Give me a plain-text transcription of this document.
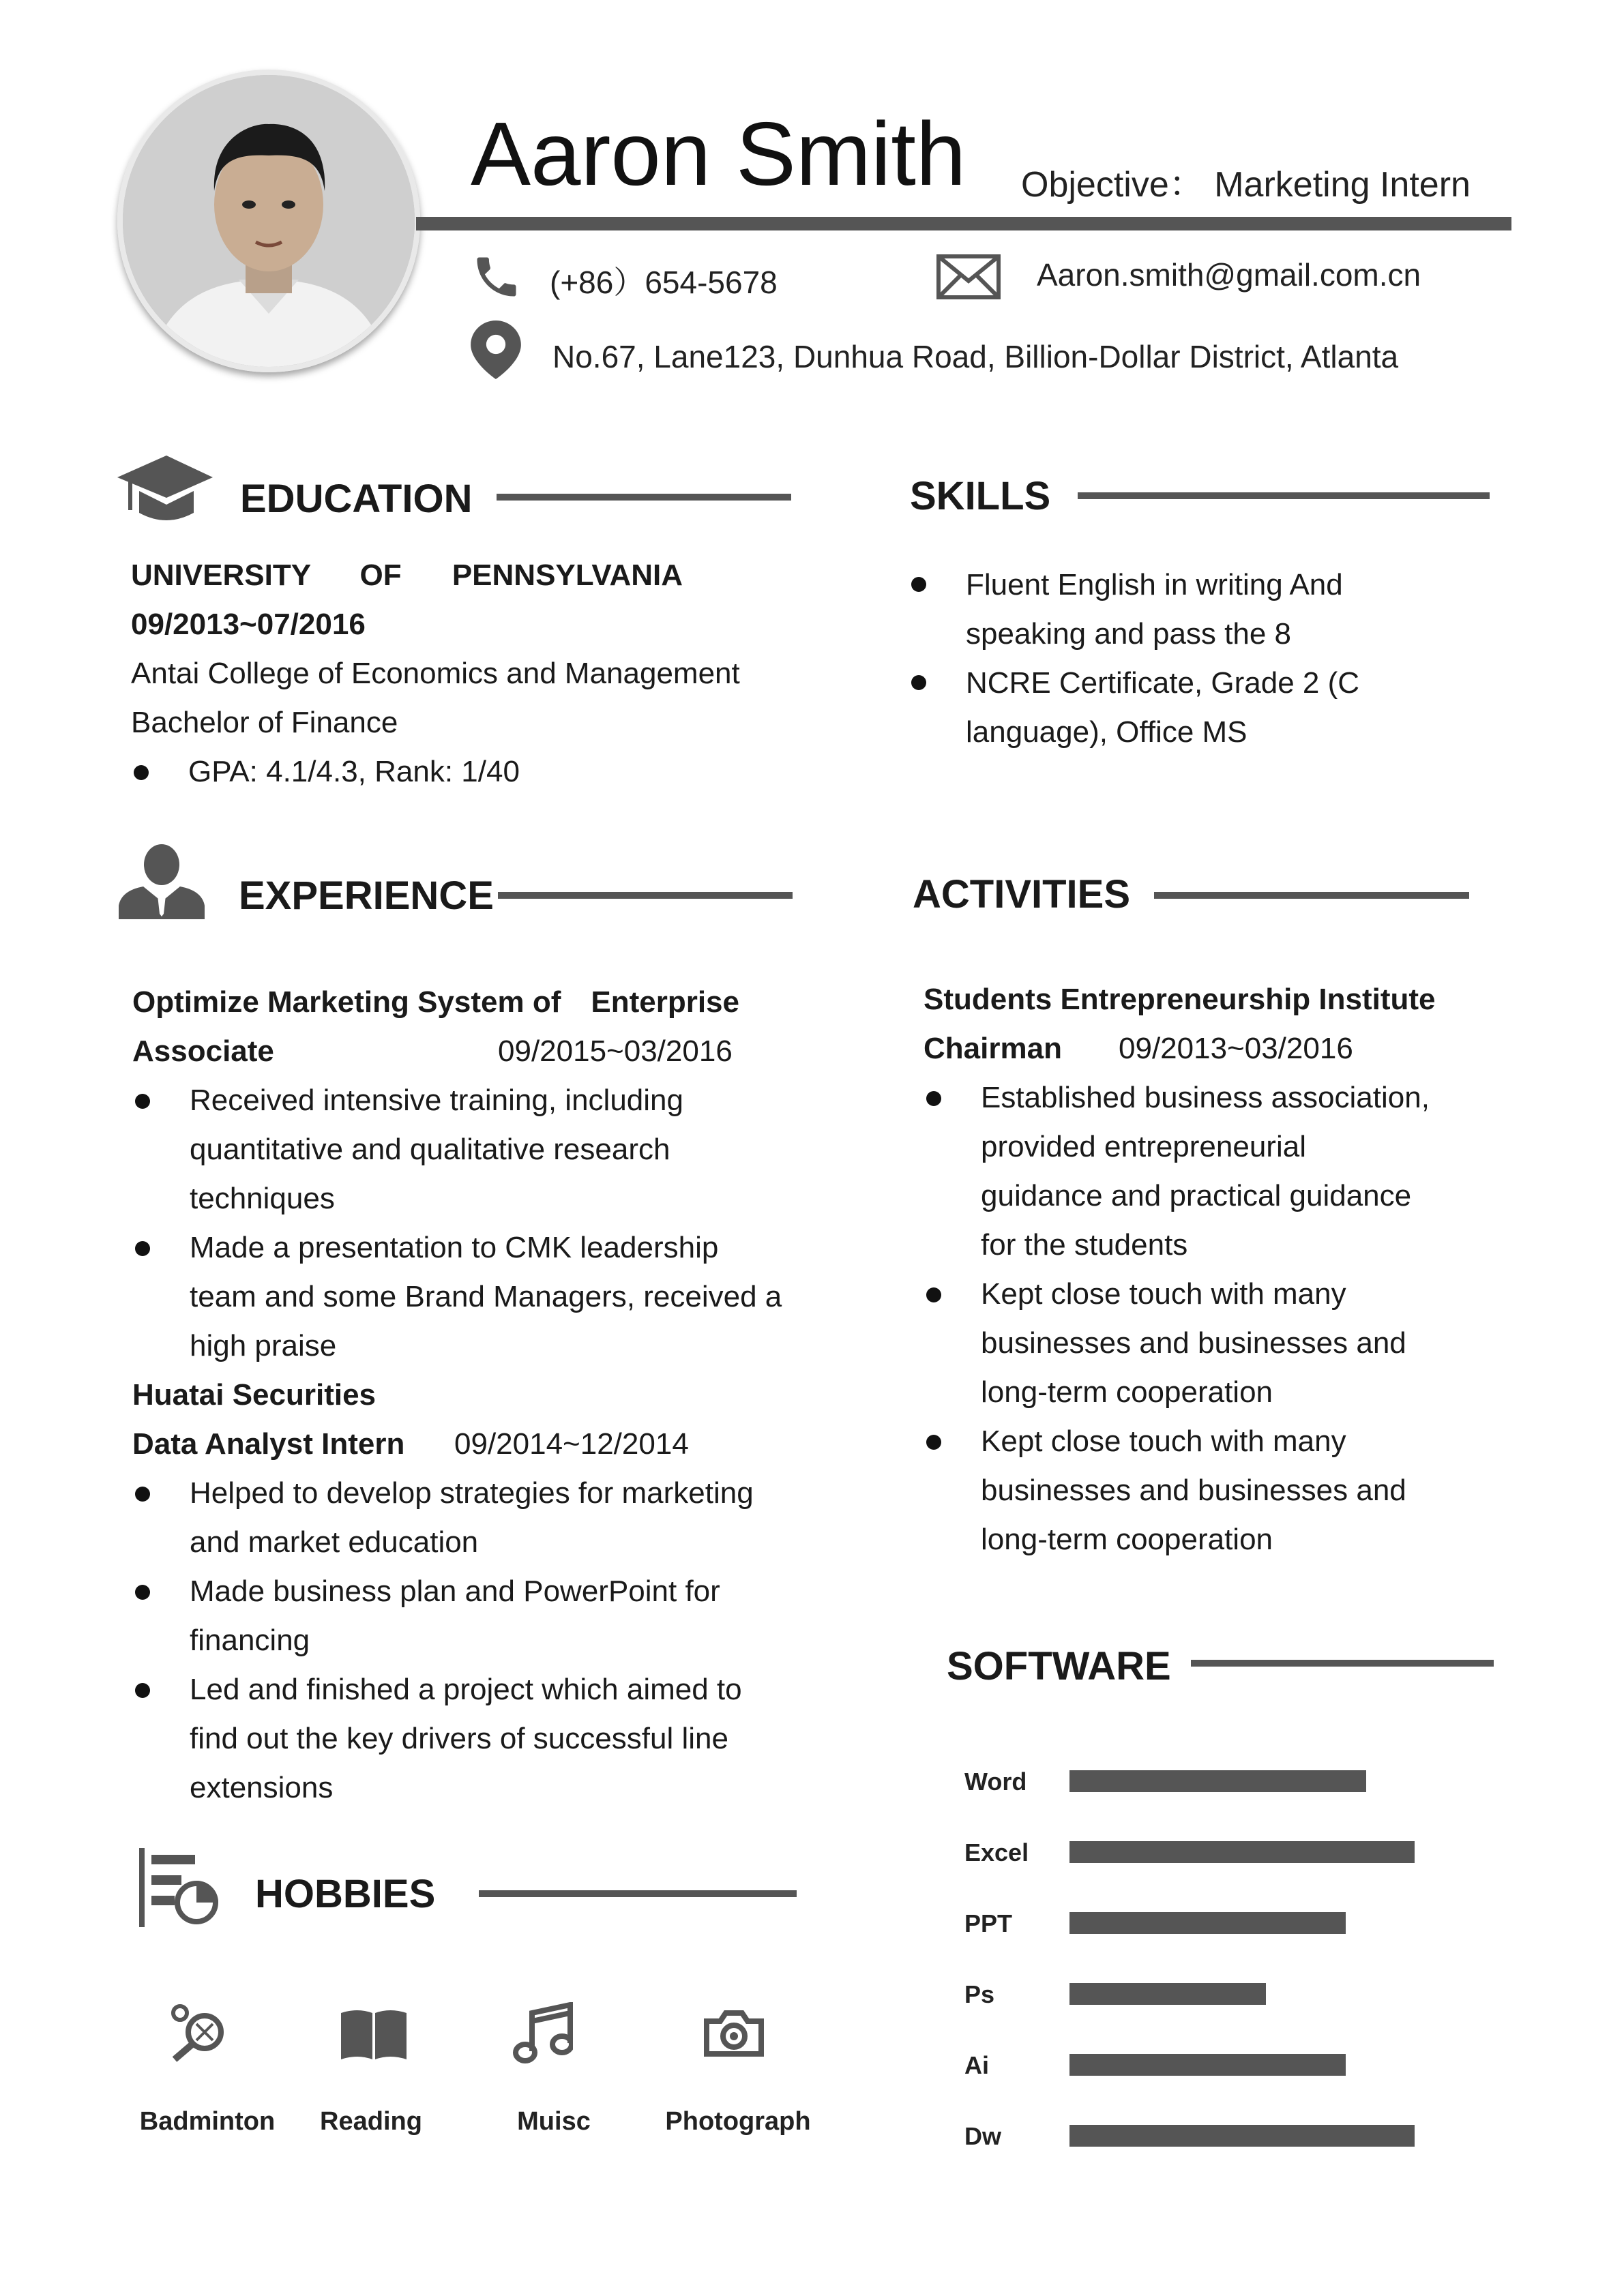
Aaron Smith Objective： Marketing Intern
(+86）654-5678	Aaron.smith@gmail.com.cn
No.67, Lane123, Dunhua Road, Billion-Dollar District, Atlanta
EDUCATION
UNIVERSITY OF PENNSYLVANIA
09/2013~07/2016
Antai College of Economics and Management
Bachelor of Finance
GPA: 4.1/4.3, Rank: 1/40
SKILLS
Fluent English in writing And
speaking and pass the 8
NCRE Certificate, Grade 2 (C
language), Office MS
EXPERIENCE
Optimize Marketing System of　Enterprise
Associate	09/2015~03/2016
Received intensive training, including
quantitative and qualitative research
techniques
Made a presentation to CMK leadership
team and some Brand Managers, received a
high praise
Huatai Securities
Data Analyst Intern 09/2014~12/2014
Helped to develop strategies for marketing
and market education
Made business plan and PowerPoint for
financing
Led and finished a project which aimed to
find out the key drivers of successful line
extensions
ACTIVITIES
Students Entrepreneurship Institute
Chairman 09/2013~03/2016
Established business association,
provided entrepreneurial
guidance and practical guidance
for the students
Kept close touch with many
businesses and businesses and
long-term cooperation
Kept close touch with many
businesses and businesses and
long-term cooperation
SOFTWARE
Word
Excel
PPT
Ps
Ai
Dw
HOBBIES
Badminton	Reading	Muisc	Photograph
